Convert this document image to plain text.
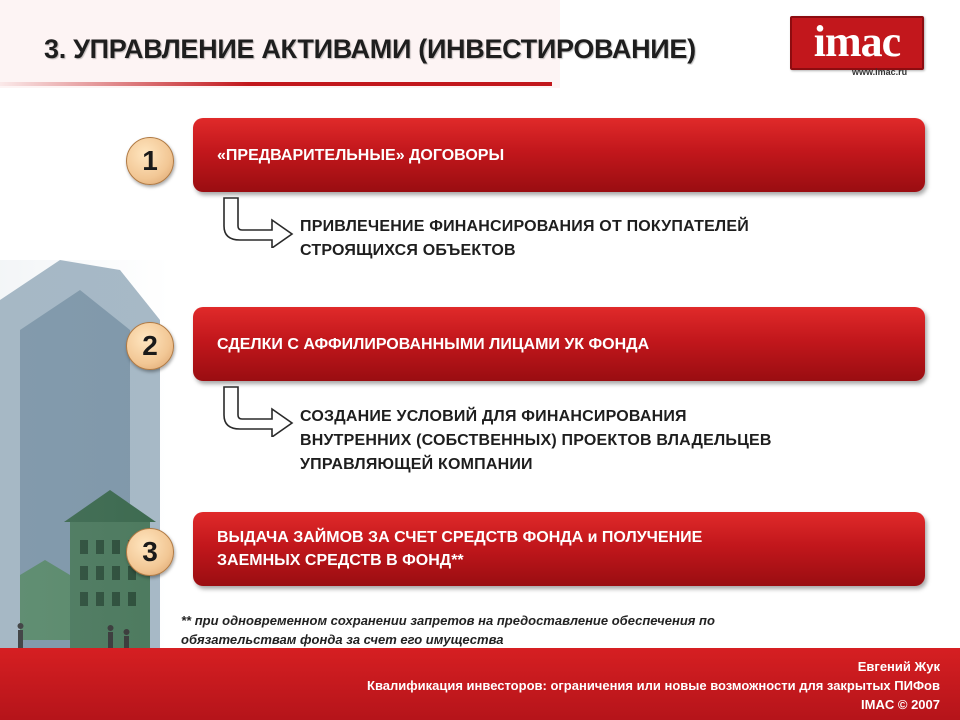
3. УПРАВЛЕНИЕ АКТИВАМИ (ИНВЕСТИРОВАНИЕ)	imac
www.imac.ru
1	«ПРЕДВАРИТЕЛЬНЫЕ» ДОГОВОРЫ
ПРИВЛЕЧЕНИЕ ФИНАНСИРОВАНИЯ ОТ ПОКУПАТЕЛЕЙ
СТРОЯЩИХСЯ ОБЪЕКТОВ
2	СДЕЛКИ С АФФИЛИРОВАННЫМИ ЛИЦАМИ УК ФОНДА
СОЗДАНИЕ УСЛОВИЙ ДЛЯ ФИНАНСИРОВАНИЯ
ВНУТРЕННИХ (СОБСТВЕННЫХ) ПРОЕКТОВ ВЛАДЕЛЬЦЕВ
УПРАВЛЯЮЩЕЙ КОМПАНИИ
3	ВЫДАЧА ЗАЙМОВ ЗА СЧЕТ СРЕДСТВ ФОНДА и ПОЛУЧЕНИЕ
ЗАЕМНЫХ СРЕДСТВ В ФОНД**
** при одновременном сохранении запретов на предоставление обеспечения по
обязательствам фонда за счет его имущества
Евгений Жук
Квалификация инвесторов: ограничения или новые возможности для закрытых ПИФов
IMAC © 2007
